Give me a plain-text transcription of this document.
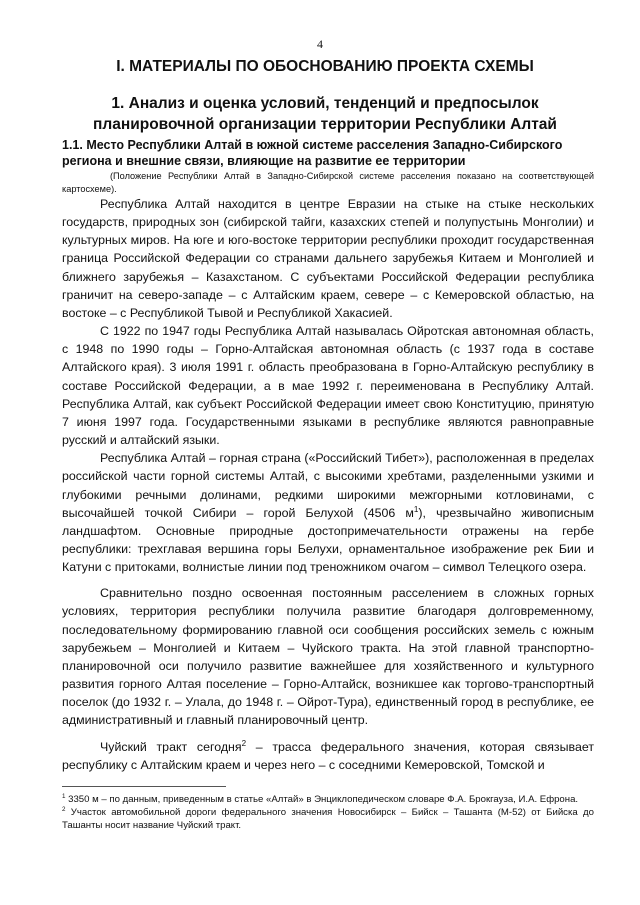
4
I. МАТЕРИАЛЫ ПО ОБОСНОВАНИЮ ПРОЕКТА СХЕМЫ
1. Анализ и оценка условий, тенденций и предпосылок планировочной организации территории Республики Алтай
1.1. Место Республики Алтай в южной системе расселения Западно-Сибирского региона и внешние связи, влияющие на развитие ее территории
(Положение Республики Алтай в Западно-Сибирской системе расселения показано на соответствующей картосхеме).

Республика Алтай находится в центре Евразии на стыке на стыке нескольких государств, природных зон (сибирской тайги, казахских степей и полупустынь Монголии) и культурных миров. На юге и юго-востоке территории республики проходит государственная граница Российской Федерации со странами дальнего зарубежья Китаем и Монголией и ближнего зарубежья – Казахстаном. С субъектами Российской Федерации республика граничит на северо-западе – с Алтайским краем, севере – с Кемеровской областью, на востоке – с Республикой Тывой и Республикой Хакасией.

С 1922 по 1947 годы Республика Алтай называлась Ойротская автономная область, с 1948 по 1990 годы – Горно-Алтайская автономная область (с 1937 года в составе Алтайского края). 3 июля 1991 г. область преобразована в Горно-Алтайскую республику в составе Российской Федерации, а в мае 1992 г. переименована в Республику Алтай. Республика Алтай, как субъект Российской Федерации имеет свою Конституцию, принятую 7 июня 1997 года. Государственными языками в республике являются равноправные русский и алтайский языки.

Республика Алтай – горная страна («Российский Тибет»), расположенная в пределах российской части горной системы Алтай, с высокими хребтами, разделенными узкими и глубокими речными долинами, редкими широкими межгорными котловинами, с высочайшей точкой Сибири – горой Белухой (4506 $м^1$), чрезвычайно живописным ландшафтом. Основные природные достопримечательности отражены на гербе республики: трехглавая вершина горы Белухи, орнаментальное изображение рек Бии и Катуни с притоками, волнистые линии под треножником очагом – символ Телецкого озера.

Сравнительно поздно освоенная постоянным расселением в сложных горных условиях, территория республики получила развитие благодаря долговременному, последовательному формированию главной оси сообщения российских земель с южным зарубежьем – Монголией и Китаем – Чуйского тракта. На этой главной транспортно-планировочной оси получило развитие важнейшее для хозяйственного и культурного развития горного Алтая поселение – Горно-Алтайск, возникшее как торгово-транспортный поселок (до 1932 г. – Улала, до 1948 г. – Ойрот-Тура), единственный город в республике, ее административный и главный планировочный центр.

Чуйский тракт сегодня$^2$ – трасса федерального значения, которая связывает республику с Алтайским краем и через него – с соседними Кемеровской, Томской и

$^1$ 3350 м – по данным, приведенным в статье «Алтай» в Энциклопедическом словаре Ф.А. Брокгауза, И.А. Ефрона.

$^2$ Участок автомобильной дороги федерального значения Новосибирск – Бийск – Ташанта (М-52) от Бийска до Ташанты носит название Чуйский тракт.
